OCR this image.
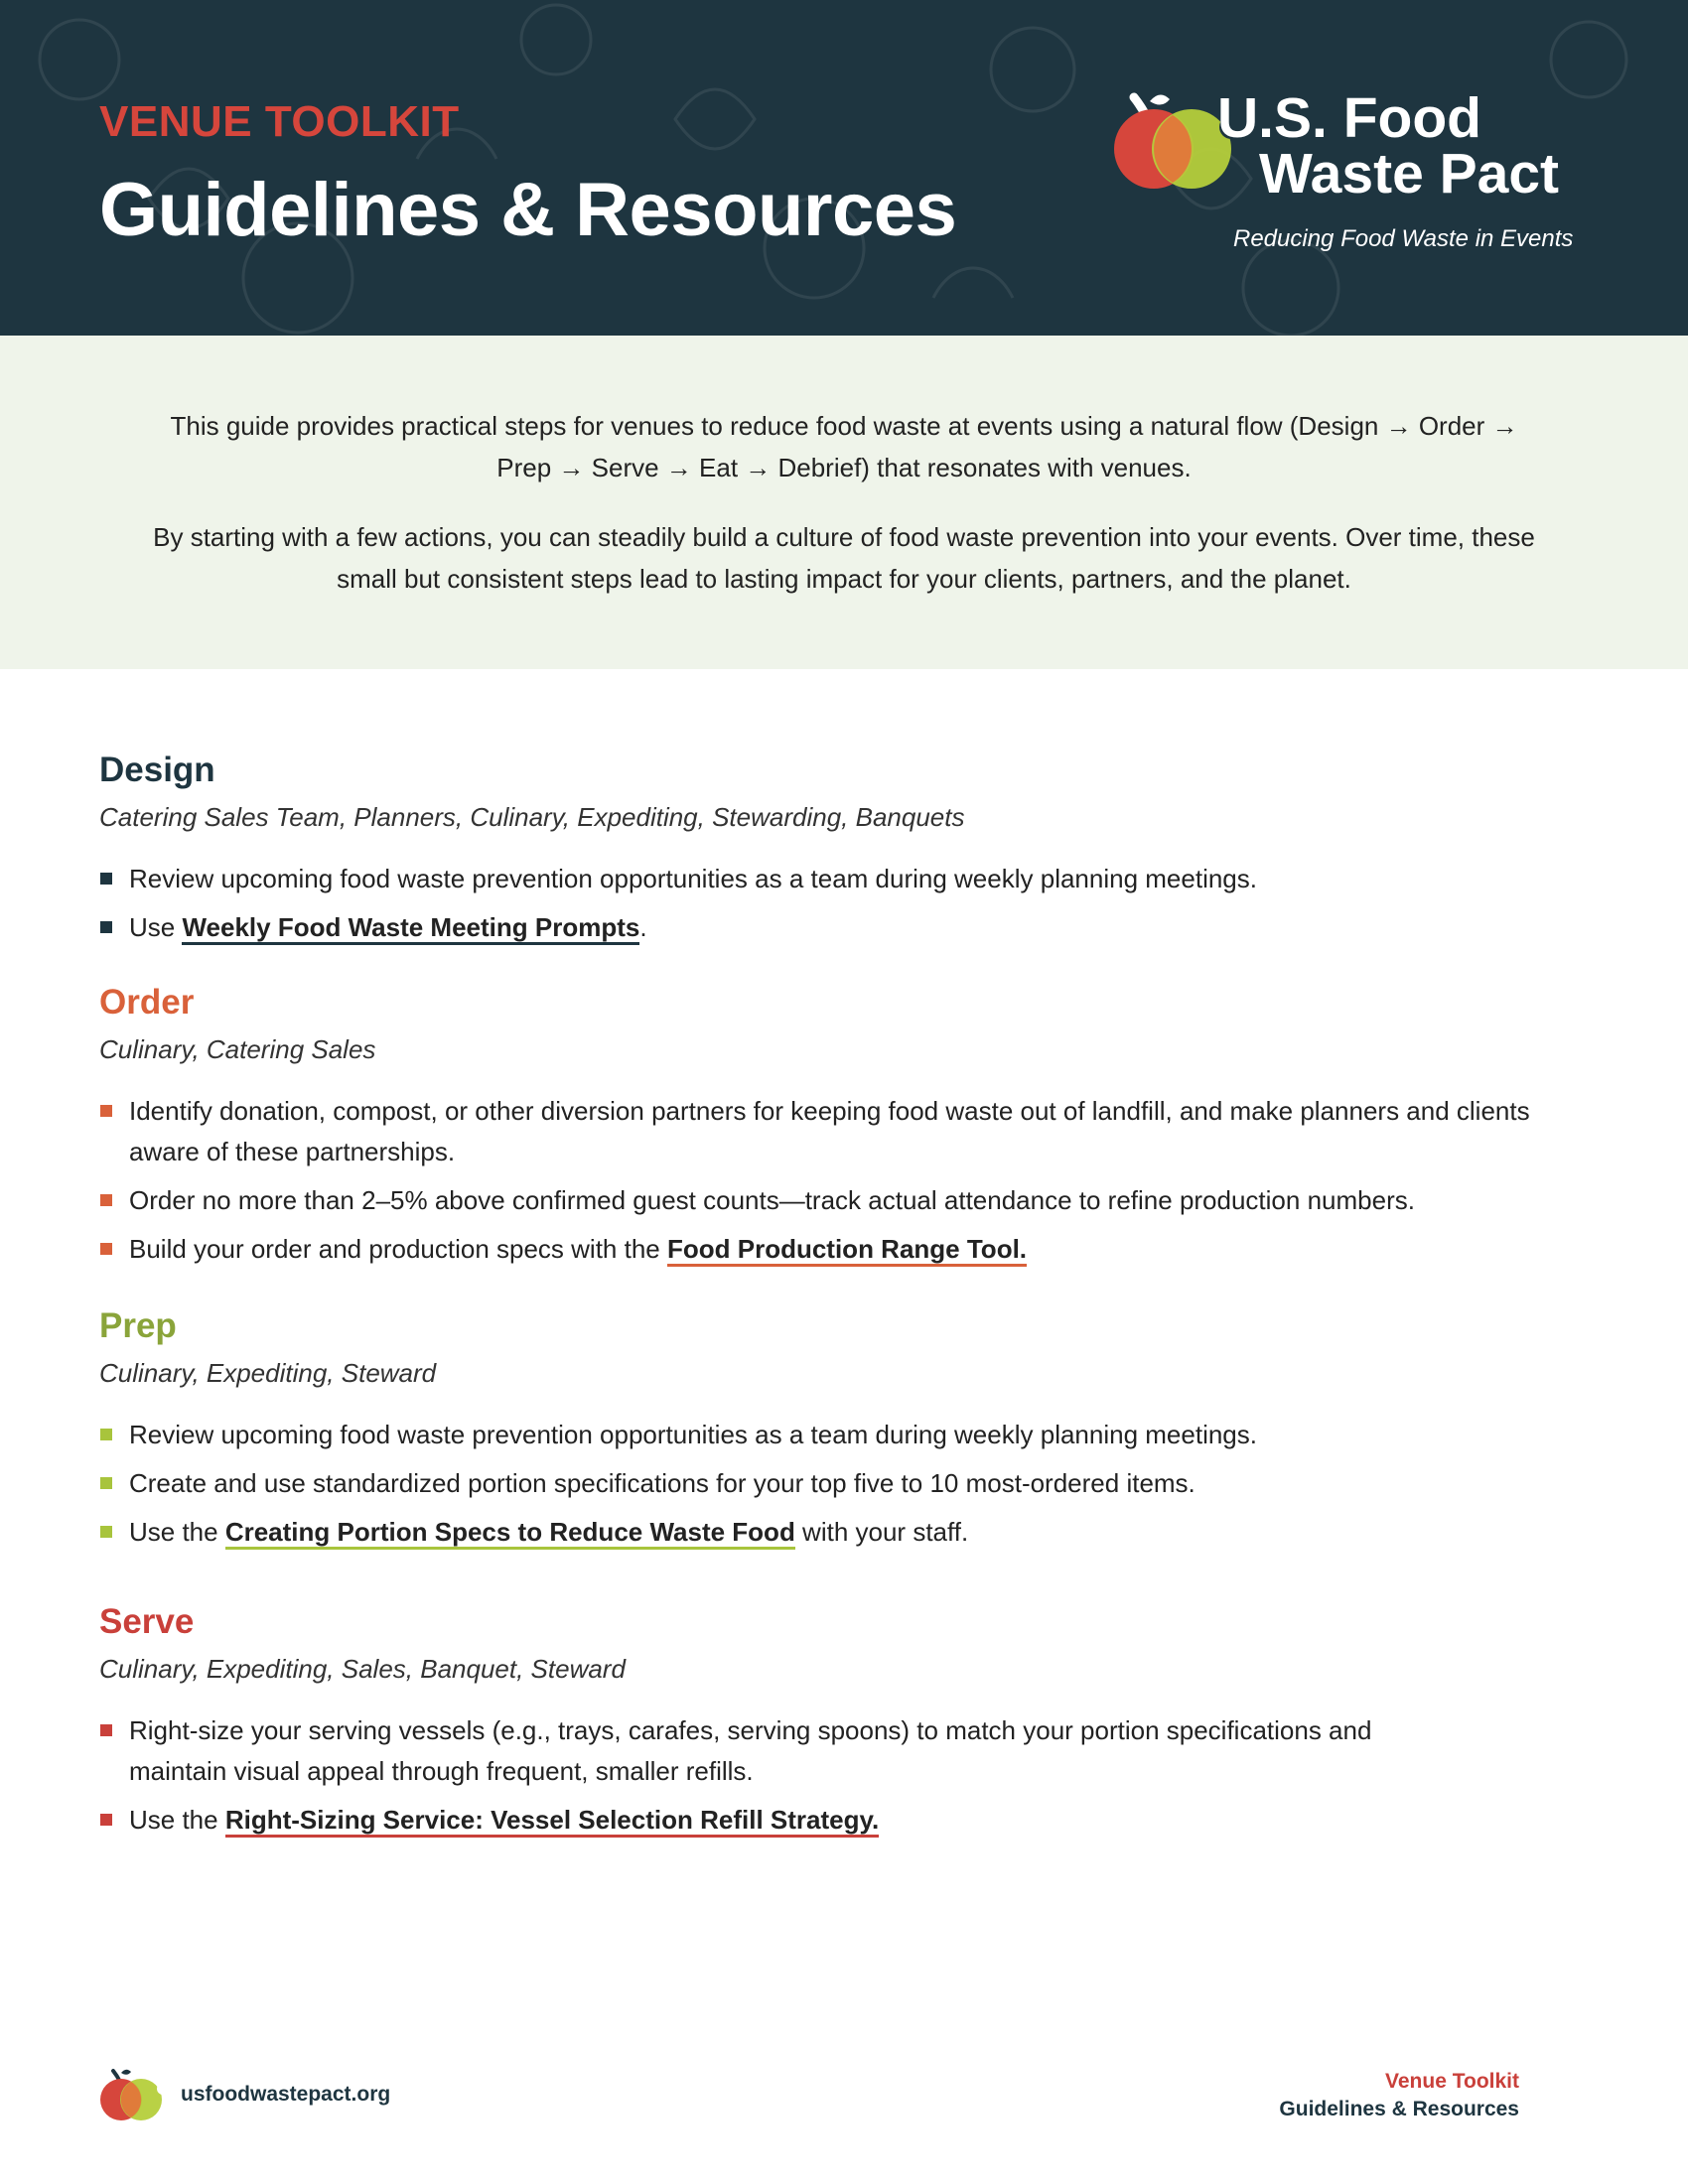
VENUE TOOLKIT
Guidelines & Resources
U.S. Food
Waste Pact
Reducing Food Waste in Events

This guide provides practical steps for venues to reduce food waste at events using a natural flow (Design → Order → Prep → Serve → Eat → Debrief) that resonates with venues.

By starting with a few actions, you can steadily build a culture of food waste prevention into your events. Over time, these small but consistent steps lead to lasting impact for your clients, partners, and the planet.

Design
Catering Sales Team, Planners, Culinary, Expediting, Stewarding, Banquets
Review upcoming food waste prevention opportunities as a team during weekly planning meetings.
Use Weekly Food Waste Meeting Prompts.
Order
Culinary, Catering Sales
Identify donation, compost, or other diversion partners for keeping food waste out of landfill, and make planners and clients aware of these partnerships.
Order no more than 2–5% above confirmed guest counts—track actual attendance to refine production numbers.
Build your order and production specs with the Food Production Range Tool.
Prep
Culinary, Expediting, Steward
Review upcoming food waste prevention opportunities as a team during weekly planning meetings.
Create and use standardized portion specifications for your top five to 10 most-ordered items.
Use the Creating Portion Specs to Reduce Waste Food with your staff.
Serve
Culinary, Expediting, Sales, Banquet, Steward
Right-size your serving vessels (e.g., trays, carafes, serving spoons) to match your portion specifications and maintain visual appeal through frequent, smaller refills.
Use the Right-Sizing Service: Vessel Selection Refill Strategy.
usfoodwastepact.org
Venue Toolkit
Guidelines & Resources
